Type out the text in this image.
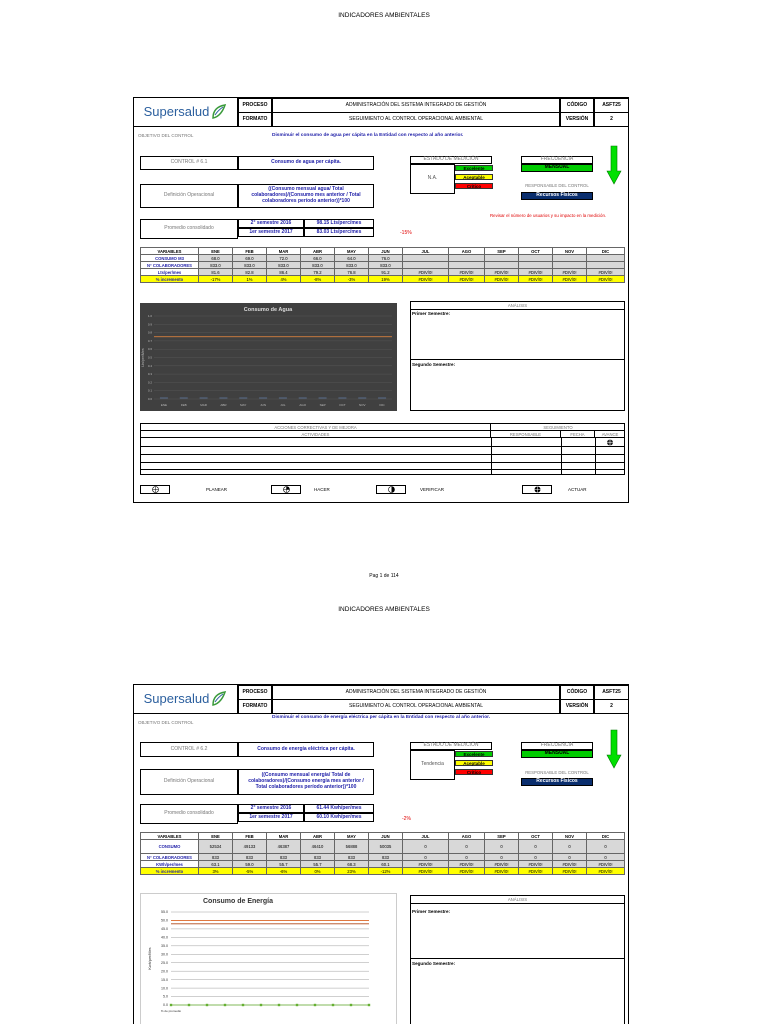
INDICADORES AMBIENTALES
Supersalud	PROCESO	ADMINISTRACIÓN DEL SISTEMA INTEGRADO DE GESTIÓN	CÓDIGO	ASFT25
FORMATO	SEGUIMIENTO AL CONTROL OPERACIONAL AMBIENTAL	VERSIÓN	2
OBJETIVO DEL CONTROL	Disminuir el consumo de agua per cápita en la Entidad con respecto al año anterior.
CONTROL # 6.1	Consumo de agua per cápita.
Definición Operacional
((Consumo mensual agua/ Total colaboradores)/(Consumo mes anterior / Total colaboradores período anterior))*100
ESTADO DE MEDICIÓN
N.A.
Excelente
Aceptable
Crítico
FRECUENCIA
MENSUAL
RESPONSABLE DEL CONTROL
Recursos Físicos
Promedio consolidado
2° semestre 2016	98.15 Lts/perc/mes
1er semestre 2017	83.03 Lts/perc/mes	-15%
Revisar el número de usuarios y su impacto en la medición.
VARIABLES	ENE	FEB	MAR	ABR	MAY	JUN	JUL	AGO	SEP	OCT	NOV	DIC
CONSUMO M3	68.0	69.0	72.0	66.0	64.0	76.0						
N° COLABORADORES	833.0	833.0	833.0	833.0	833.0	833.0						
Lts/per/mes	81.6	82.8	86.4	79.2	76.8	91.2	#DIV/0!	#DIV/0!	#DIV/0!	#DIV/0!	#DIV/0!	#DIV/0!
% incremento	-17%	1%	4%	-8%	-3%	19%	#DIV/0!	#DIV/0!	#DIV/0!	#DIV/0!	#DIV/0!	#DIV/0!
Consumo de Agua
Lts/per/Mes
1.0
0.9
0.8
0.7
0.6
0.5
0.4
0.3
0.2
0.1
0.0
ENE	FEB	MAR	ABR	MAY	JUN	JUL	AGO	SEP	OCT	NOV	DIC
ANÁLISIS
Primer Semestre:
Segundo Semestre:
ACCIONES CORRECTIVAS Y DE MEJORA	SEGUIMIENTO
ACTIVIDADES	RESPONSABLE	FECHA	AVANCE
PLANEAR	HACER	VERIFICAR	ACTUAR
Pag 1 de 114
INDICADORES AMBIENTALES
Supersalud	PROCESO	ADMINISTRACIÓN DEL SISTEMA INTEGRADO DE GESTIÓN	CÓDIGO	ASFT25
FORMATO	SEGUIMIENTO AL CONTROL OPERACIONAL AMBIENTAL	VERSIÓN	2
OBJETIVO DEL CONTROL
Disminuir el consumo de energía eléctrica per cápita en la Entidad con respecto al año anterior.
CONTROL # 6.2	Consumo de energía eléctrica per cápita.
Definición Operacional
((Consumo mensual energía/ Total de colaboradores)/(Consumo energía mes anterior / Total colaboradores período anterior))*100
ESTADO DE MEDICIÓN
Tendencia
Excelente
Aceptable
Crítico
FRECUENCIA
MENSUAL
RESPONSABLE DEL CONTROL
Recursos Físicos
Promedio consolidado
2° semestre 2016	61.44 Kwh/per/mes
1er semestre 2017	60.10 Kwh/per/mes	-2%
VARIABLES	ENE	FEB	MAR	ABR	MAY	JUN	JUL	AGO	SEP	OCT	NOV	DIC
CONSUMO	52534	49133	46387	46410	56888	50035	0	0	0	0	0	0
N° COLABORADORES	833	833	833	833	833	833	0	0	0	0	0	0
KWh/per/mes	63.1	59.0	55.7	55.7	68.3	60.1	#DIV/0!	#DIV/0!	#DIV/0!	#DIV/0!	#DIV/0!	#DIV/0!
% incremento	3%	-5%	-6%	0%	23%	-12%	#DIV/0!	#DIV/0!	#DIV/0!	#DIV/0!	#DIV/0!	#DIV/0!
Consumo de Energía
Kwh/per/Mes
55.0
50.0
45.0
40.0
35.0
30.0
25.0
20.0
15.0
10.0
5.0
0.0
% de promedio
ANÁLISIS
Primer Semestre:
Segundo Semestre:
